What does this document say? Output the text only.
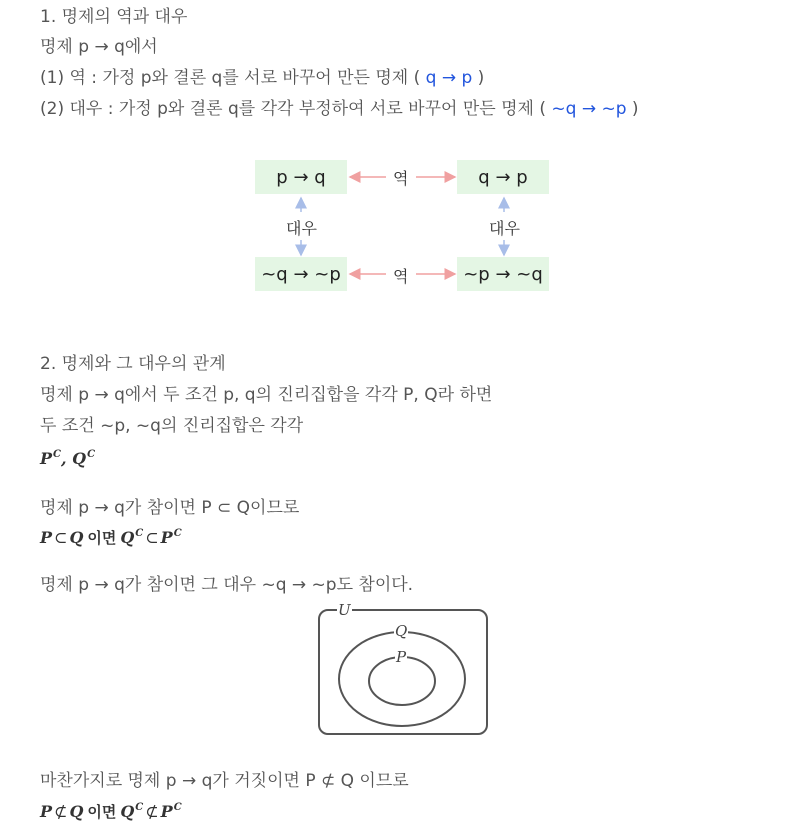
1. 명제의 역과 대우
명제 p → q에서
(1) 역 : 가정 p와 결론 q를 서로 바꾸어 만든 명제 ( q → p )
(2) 대우 : 가정 p와 결론 q를 각각 부정하여 서로 바꾸어 만든 명제 ( ~q → ~p )
p → q	q → p
~q → ~p	~p → ~q
역
역
대우	대우
2. 명제와 그 대우의 관계
명제 p → q에서 두 조건 p, q의 진리집합을 각각 P, Q라 하면
두 조건 ~p, ~q의 진리집합은 각각
$P^C$, $Q^C$
명제 p → q가 참이면 P ⊂ Q이므로
P ⊂ Q 이면 $Q^C$ ⊂ $P^C$
명제 p → q가 참이면 그 대우 ~q → ~p도 참이다.
U
Q
P
마찬가지로 명제 p → q가 거짓이면 P ⊄ Q 이므로
P ⊄ Q 이면 $Q^C$ ⊄ $P^C$
